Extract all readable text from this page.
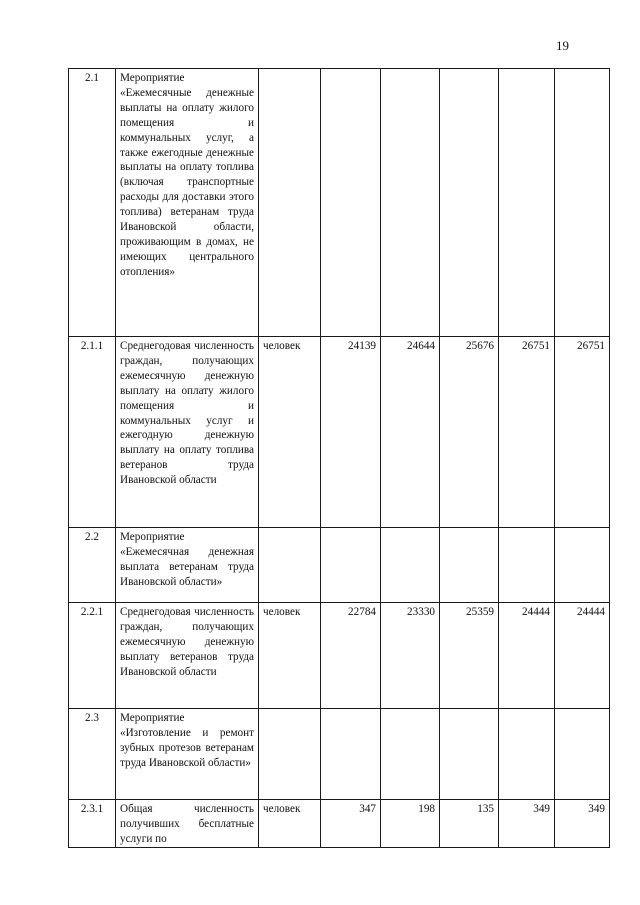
19
2.1	Мероприятие «Ежемесячные денежные выплаты на оплату жилого помещения и коммунальных услуг, а также ежегодные денежные выплаты на оплату топлива (включая транспортные расходы для доставки этого топлива) ветеранам труда Ивановской области, проживающим в домах, не имеющих центрального отопления»						
2.1.1	Среднегодовая численность граждан, получающих ежемесячную денежную выплату на оплату жилого помещения и коммунальных услуг и ежегодную денежную выплату на оплату топлива ветеранов труда Ивановской области	человек	24139	24644	25676	26751	26751
2.2	Мероприятие «Ежемесячная денежная выплата ветеранам труда Ивановской области»						
2.2.1	Среднегодовая численность граждан, получающих ежемесячную денежную выплату ветеранов труда Ивановской области	человек	22784	23330	25359	24444	24444
2.3	Мероприятие «Изготовление и ремонт зубных протезов ветеранам труда Ивановской области»						
2.3.1	Общая численность получивших бесплатные услуги по	человек	347	198	135	349	349
